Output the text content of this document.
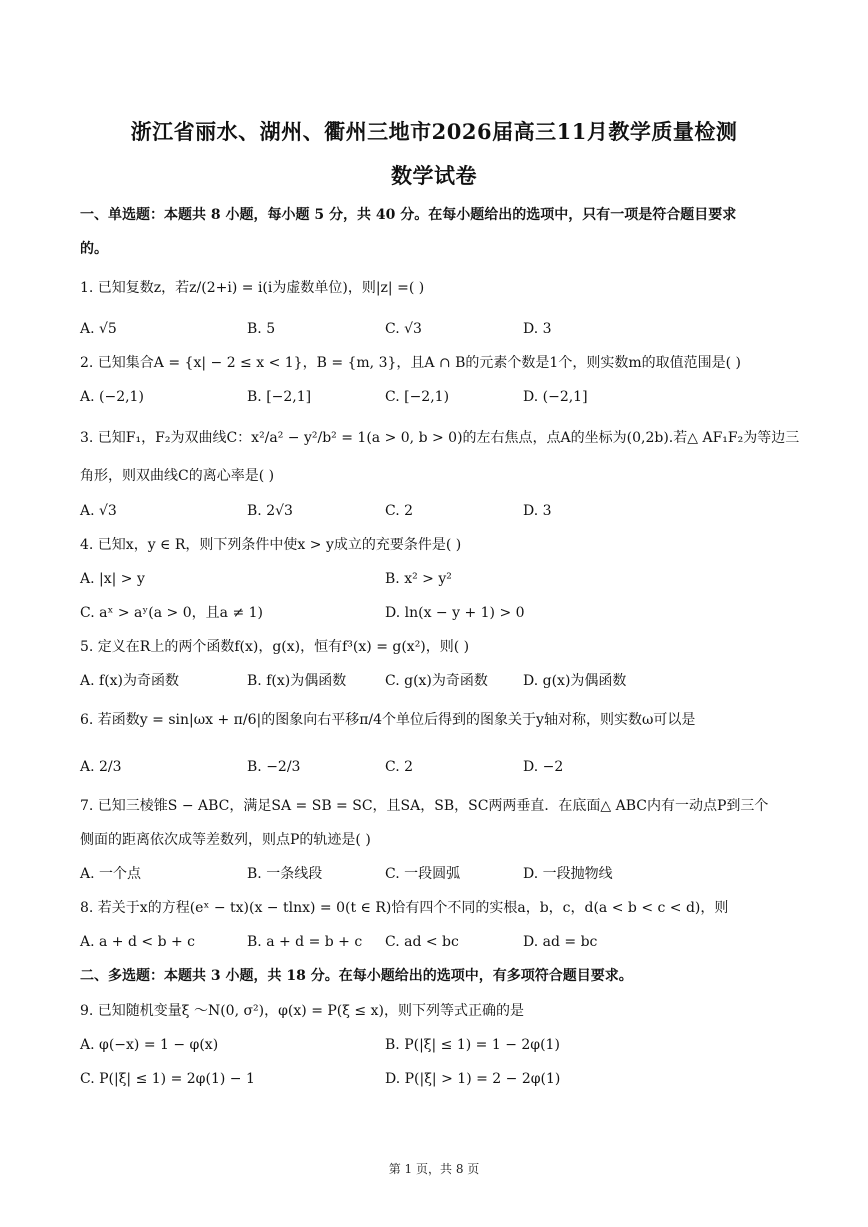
浙江省丽水、湖州、衢州三地市2026届高三11月教学质量检测
数学试卷
一、单选题：本题共 8 小题，每小题 5 分，共 40 分。在每小题给出的选项中，只有一项是符合题目要求
的。
1. 已知复数z，若z/(2+i) = i(i为虚数单位)，则|z| =( )
A. √5	B. 5	C. √3	D. 3
2. 已知集合A = {x| − 2 ≤ x < 1}，B = {m, 3}，且A ∩ B的元素个数是1个，则实数m的取值范围是( )
A. (−2,1)	B. [−2,1]	C. [−2,1)	D. (−2,1]
3. 已知F₁，F₂为双曲线C：x²/a² − y²/b² = 1(a > 0, b > 0)的左右焦点，点A的坐标为(0,2b).若△ AF₁F₂为等边三
角形，则双曲线C的离心率是( )
A. √3	B. 2√3	C. 2	D. 3
4. 已知x，y ∈ R，则下列条件中使x > y成立的充要条件是( )
A. |x| > y	B. x² > y²
C. aˣ > aʸ(a > 0，且a ≠ 1)	D. ln(x − y + 1) > 0
5. 定义在R上的两个函数f(x)，g(x)，恒有f³(x) = g(x²)，则( )
A. f(x)为奇函数	B. f(x)为偶函数	C. g(x)为奇函数	D. g(x)为偶函数
6. 若函数y = sin|ωx + π/6|的图象向右平移π/4个单位后得到的图象关于y轴对称，则实数ω可以是
A. 2/3	B. −2/3	C. 2	D. −2
7. 已知三棱锥S − ABC，满足SA = SB = SC，且SA，SB，SC两两垂直．在底面△ ABC内有一动点P到三个
侧面的距离依次成等差数列，则点P的轨迹是( )
A. 一个点	B. 一条线段	C. 一段圆弧	D. 一段抛物线
8. 若关于x的方程(eˣ − tx)(x − tlnx) = 0(t ∈ R)恰有四个不同的实根a，b，c，d(a < b < c < d)，则
A. a + d < b + c	B. a + d = b + c C. ad < bc	D. ad = bc
二、多选题：本题共 3 小题，共 18 分。在每小题给出的选项中，有多项符合题目要求。
9. 已知随机变量ξ ～N(0, σ²)，φ(x) = P(ξ ≤ x)，则下列等式正确的是
A. φ(−x) = 1 − φ(x)	B. P(|ξ| ≤ 1) = 1 − 2φ(1)
C. P(|ξ| ≤ 1) = 2φ(1) − 1	D. P(|ξ| > 1) = 2 − 2φ(1)
第 1 页，共 8 页
